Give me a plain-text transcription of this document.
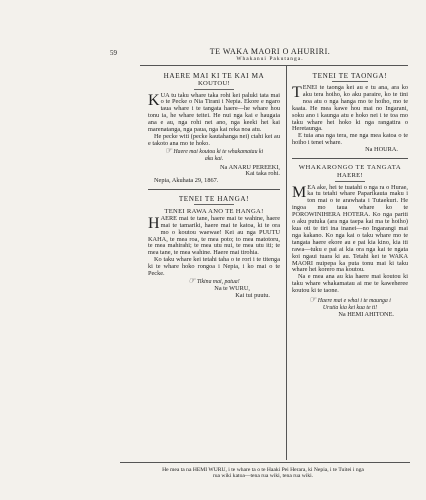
59	TE WAKA MAORI O AHURIRI.
Whakanui Pakutanga.

HAERE MAI KI TE KAI MA

KOUTOU!

KUA tu taku whare taka rohi kei paluki tata mai o te Pecke o Nia Tirani i Nepia. Ekore e ngaro taua whare i te tangata haere—he whare hou tonu ia, he whare teitei. He nui nga kai e haugaia ana e au, nga rohi nei ano, nga keeki hei kai marenatanga, nga paua, nga kai reka noa atu.

He pecke witi (pecke kautahanga nei) ctahi kei au e takoto ana mo te hoko.

☞ Haere mai koutou ki te whakamatau ki

aku kai.

Na ANARU PEREEKI,

Kai taka rohi.

Nepia, Akuhata 29, 1867.

TENEI TE HANGA!

TENEI RAWA ANO TE HANGA!

HAERE mai te tane, haere mai te wahine, haere mai te tamariki, haere mai te katoa, ki te ora mo o koutou waewae! Kei au nga PUUTU KAHA, te mea roa, te mea poto; to mea matotoru, te mea mahirahi; te mea utu nui, te mea utu iti; te mea tane, te mea wahine. Haere mai tirohia.

Ko taku whare kei tetahi taha o te rori i te titenga ki te whare hoko rongoa i Nepia, i ko mai o te Pecke.

☞ Tikina mai, patua!

Na te WURU,

Kai tui puutu.

TENEI TE TAONGA!

TENEI te taonga kei au e tu ana, ara ko aku tera hoiho, ko aku paraire, ko te tini noa atu o nga hanga mo te hoiho, mo te kaata. He mea kawe hou mai no Ingarani, soku ano i kaunga atu e hoko nei i te toa mo taku whare hei hoko ki nga rangatira o Heretaunga.

E tuia ana nga tera, me nga mea katoa o te hoiho i tenei whare.

Na HOURA.

WHAKARONGO TE TANGATA

HAERE!

MEA ake, hei te tuatahi o nga ra o Hurae, ka tu tetahi whare Paparikauta maku i ton mai o te arawhata i Tutaekuri. He ingoa mo taua whare ko te POROWINIHERA HOTERA. Ko nga pariti o aku putuka (ara nga taepa kai ma te hoiho) kua oti te tiri ina inanei—no Ingarangi mai nga kakano. Ko nga kai o taku whare mo te tangata haere ekore au e pai kia kino, kia iti rawa—tuku e pai ai kia ora nga kai te ngata koi ngaui tuara ki au. Tetahi kei te WAKA MAORI nuipepa ka puta tonu mai ki taku whare hei korero ma koutou.

Na e mea ana au kia haere mai koutou ki taku whare whakamatau ai me te kaweheree koutou ki te taone.

☞ Haere mai e whai i te maunga i

Urutia kia kei kua te ti!

Na HEMI AHITONE.

He mea ta na HEMI WURU, i te whare ta o te Haaki Pei Herara, ki Nepia, i te Tuitei i nga
rua wiki katoa—tena rua wiki, tena rua wiki.
